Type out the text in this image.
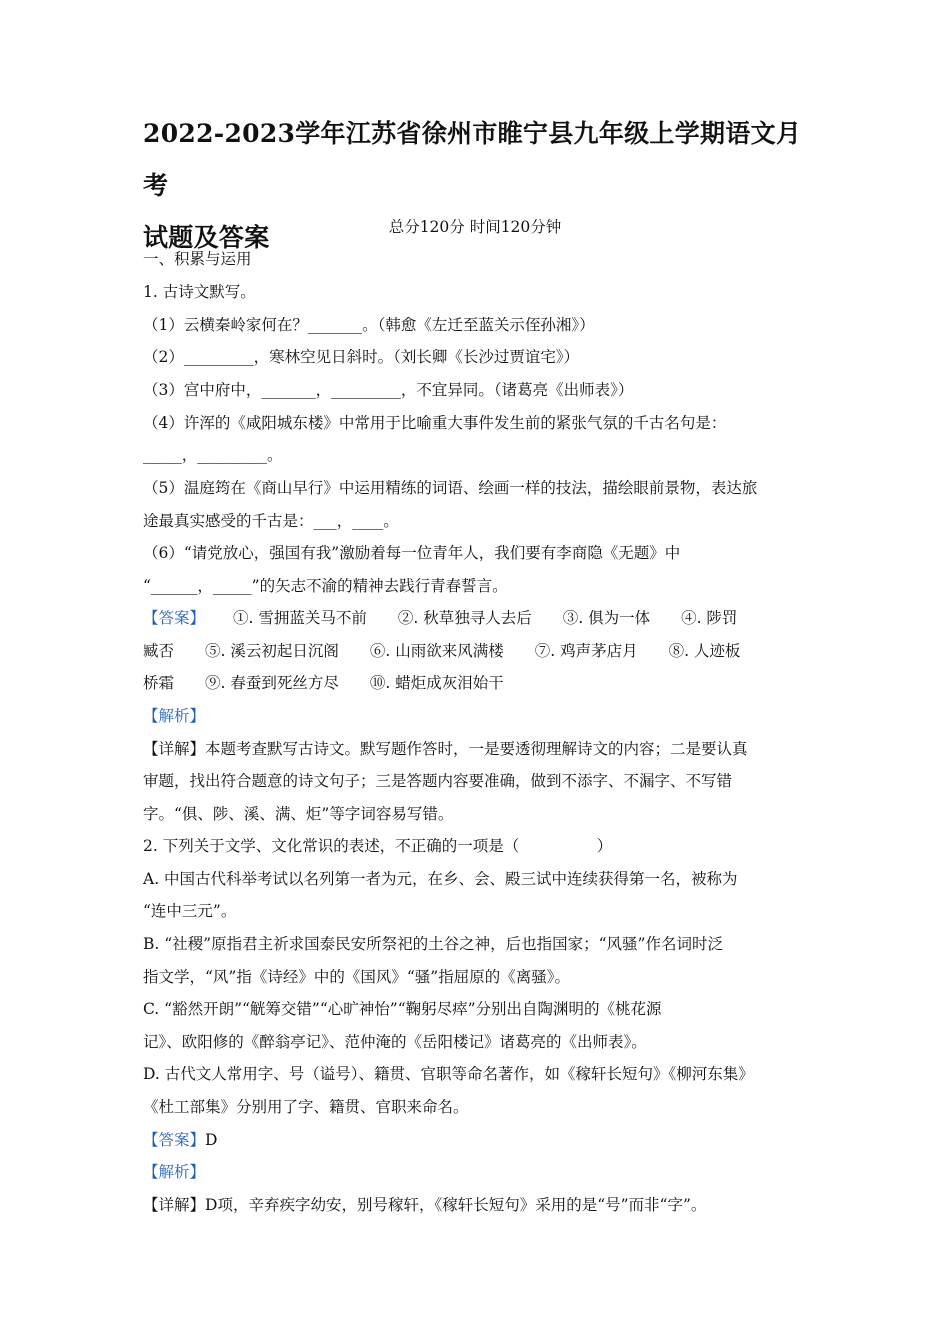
2022-2023学年江苏省徐州市睢宁县九年级上学期语文月考
试题及答案	总分120分 时间120分钟
一、积累与运用
1. 古诗文默写。
（1）云横秦岭家何在？_______。（韩愈《左迁至蓝关示侄孙湘》）
（2）_________，寒林空见日斜时。（刘长卿《长沙过贾谊宅》）
（3）宫中府中，_______，_________，不宜异同。（诸葛亮《出师表》）
（4）许浑的《咸阳城东楼》中常用于比喻重大事件发生前的紧张气氛的千古名句是：
_____，_________。
（5）温庭筠在《商山早行》中运用精练的词语、绘画一样的技法，描绘眼前景物，表达旅
途最真实感受的千古是：___，____。
（6）“请党放心，强国有我”激励着每一位青年人，我们要有李商隐《无题》中
“______，_____”的矢志不渝的精神去践行青春誓言。
【答案】 ①. 雪拥蓝关马不前　　②. 秋草独寻人去后　　③. 俱为一体　　④. 陟罚
臧否　　⑤. 溪云初起日沉阁　　⑥. 山雨欲来风满楼　　⑦. 鸡声茅店月　　⑧. 人迹板
桥霜　　⑨. 春蚕到死丝方尽　　⑩. 蜡炬成灰泪始干
【解析】
【详解】本题考查默写古诗文。默写题作答时，一是要透彻理解诗文的内容；二是要认真
审题，找出符合题意的诗文句子；三是答题内容要准确，做到不添字、不漏字、不写错
字。“俱、陟、溪、满、炬”等字词容易写错。
2. 下列关于文学、文化常识的表述，不正确的一项是（　　　　　）
A. 中国古代科举考试以名列第一者为元，在乡、会、殿三试中连续获得第一名，被称为
“连中三元”。
B. “社稷”原指君主祈求国泰民安所祭祀的土谷之神，后也指国家；“风骚”作名词时泛
指文学，“风”指《诗经》中的《国风》“骚”指屈原的《离骚》。
C. “豁然开朗”“觥筹交错”“心旷神怡”“鞠躬尽瘁”分别出自陶渊明的《桃花源
记》、欧阳修的《醉翁亭记》、范仲淹的《岳阳楼记》诸葛亮的《出师表》。
D. 古代文人常用字、号（谥号）、籍贯、官职等命名著作，如《稼轩长短句》《柳河东集》
《杜工部集》分别用了字、籍贯、官职来命名。
【答案】D
【解析】
【详解】D项，辛弃疾字幼安，别号稼轩，《稼轩长短句》采用的是“号”而非“字”。
